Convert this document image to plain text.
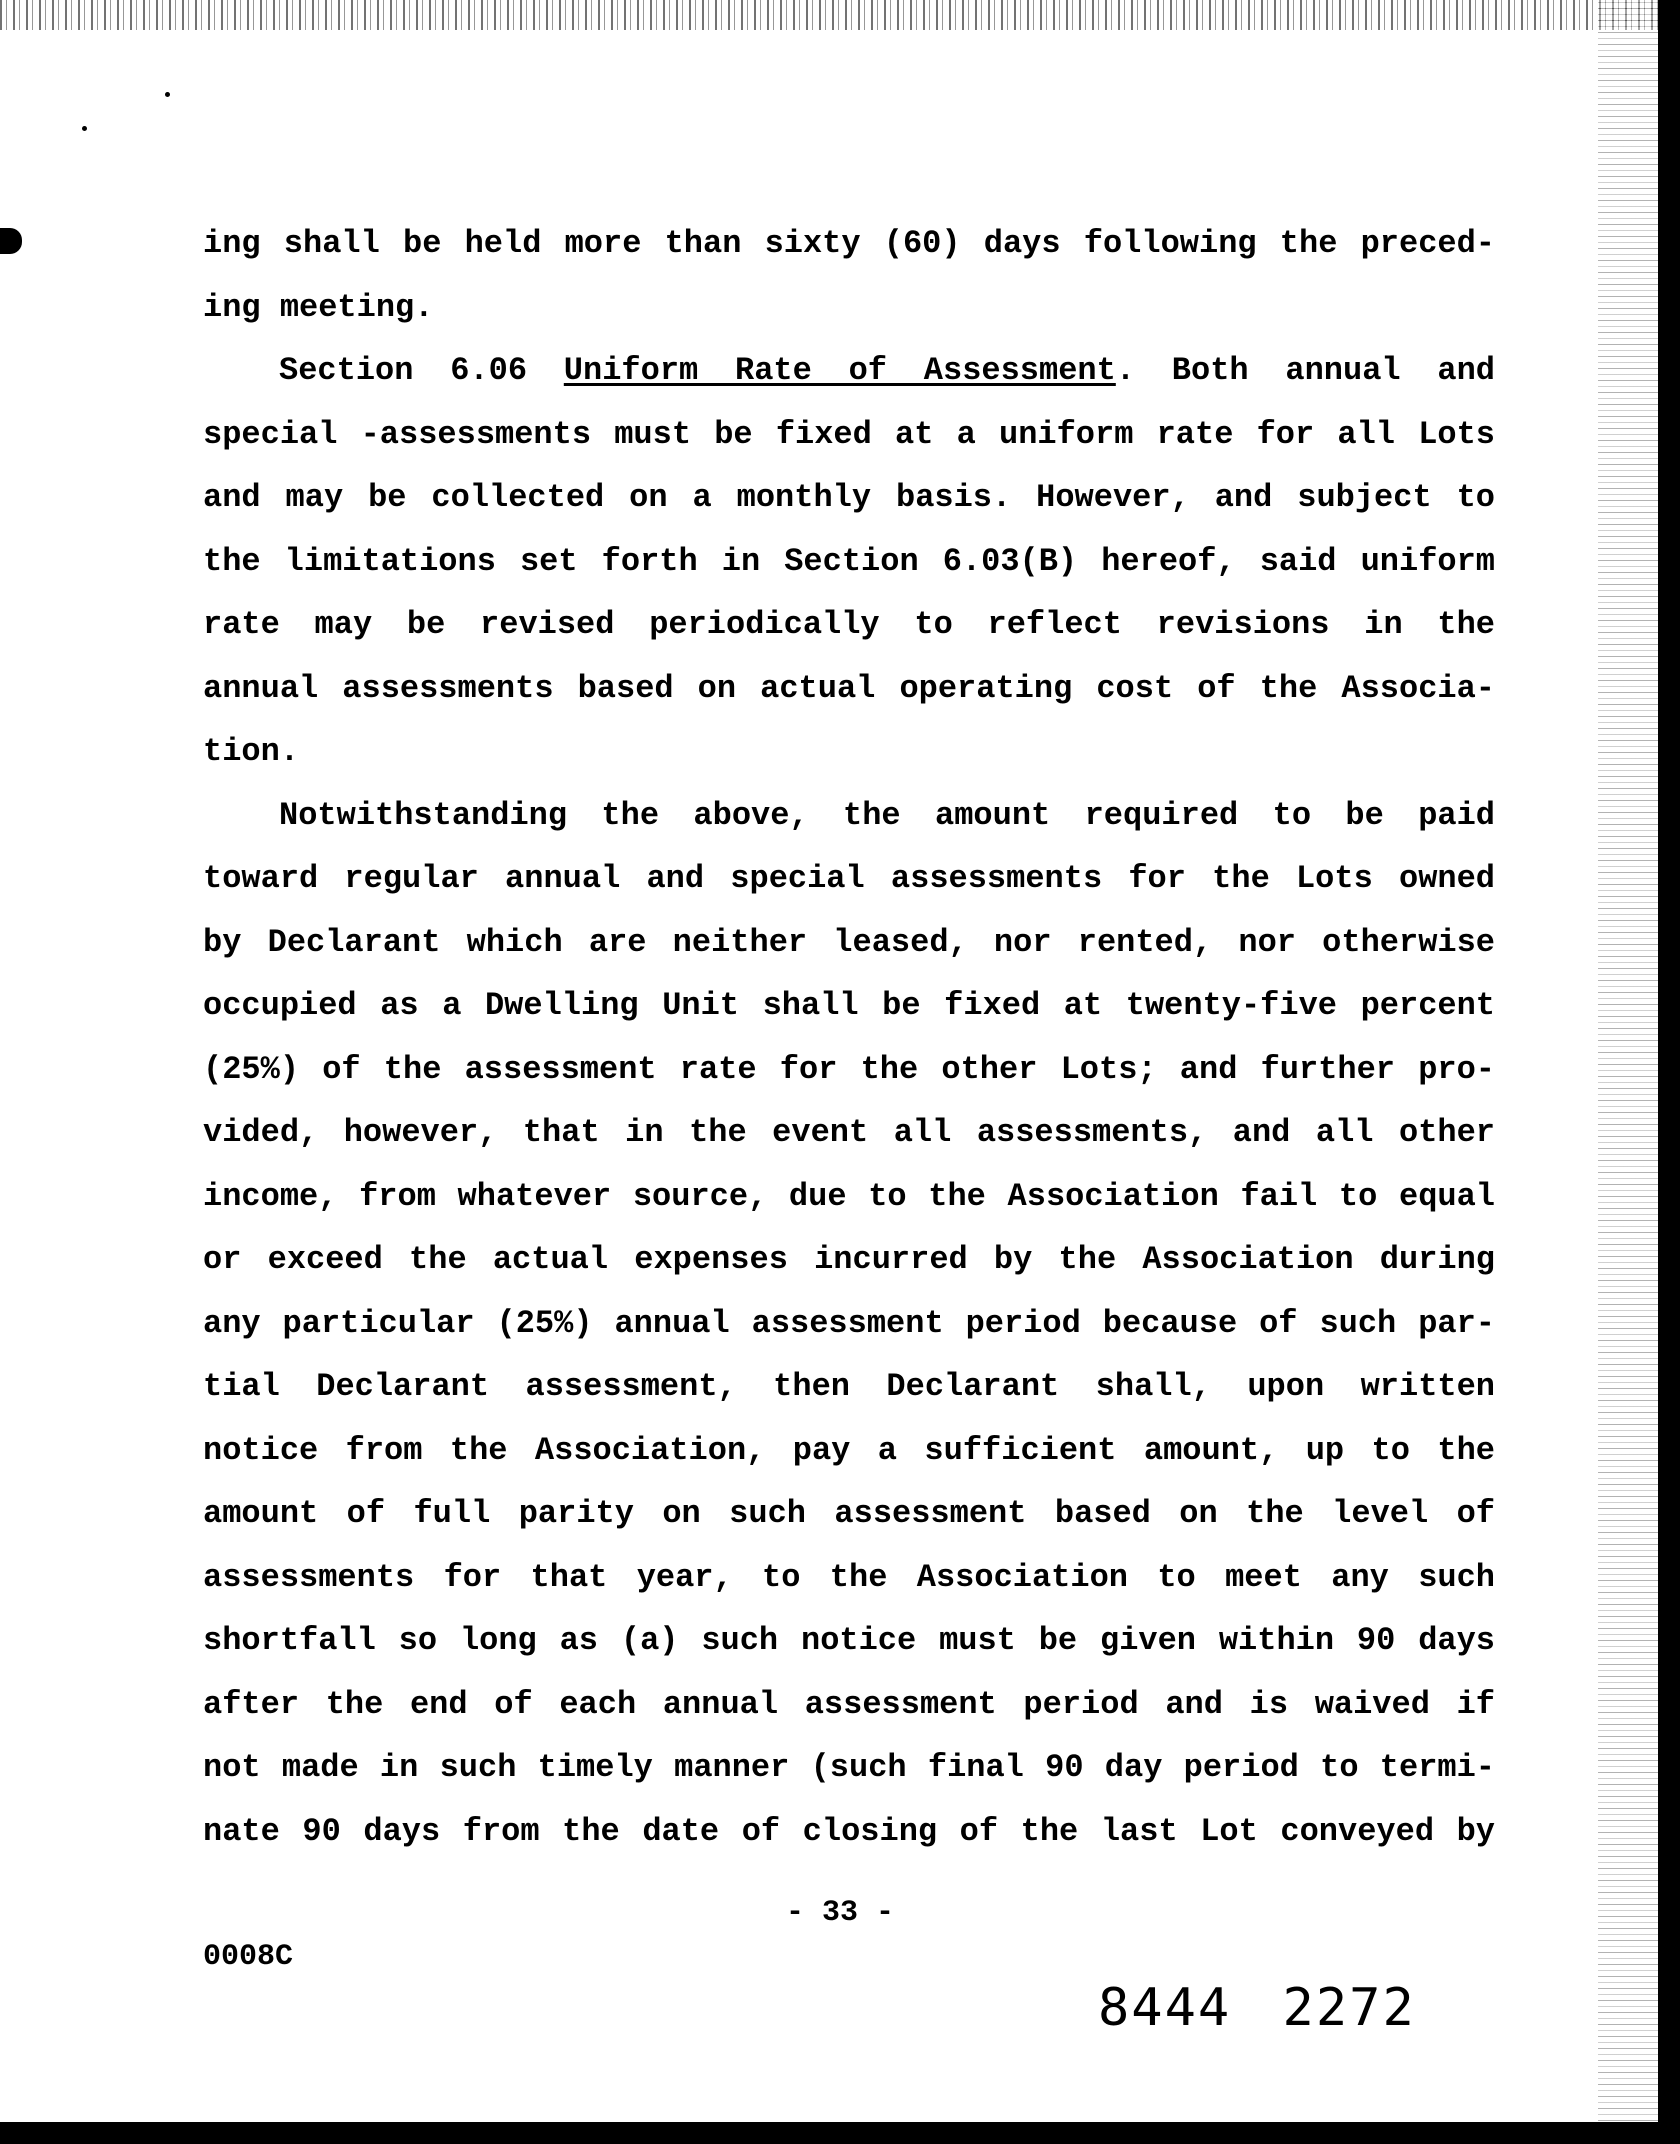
ing shall be held more than sixty (60) days following the preced-
ing meeting.
Section 6.06 Uniform Rate of Assessment. Both annual and
special -assessments must be fixed at a uniform rate for all Lots
and may be collected on a monthly basis. However, and subject to
the limitations set forth in Section 6.03(B) hereof, said uniform
rate may be revised periodically to reflect revisions in the
annual assessments based on actual operating cost of the Associa-
tion.
Notwithstanding the above, the amount required to be paid
toward regular annual and special assessments for the Lots owned
by Declarant which are neither leased, nor rented, nor otherwise
occupied as a Dwelling Unit shall be fixed at twenty-five percent
(25%) of the assessment rate for the other Lots; and further pro-
vided, however, that in the event all assessments, and all other
income, from whatever source, due to the Association fail to equal
or exceed the actual expenses incurred by the Association during
any particular (25%) annual assessment period because of such par-
tial Declarant assessment, then Declarant shall, upon written
notice from the Association, pay a sufficient amount, up to the
amount of full parity on such assessment based on the level of
assessments for that year, to the Association to meet any such
shortfall so long as (a) such notice must be given within 90 days
after the end of each annual assessment period and is waived if
not made in such timely manner (such final 90 day period to termi-
nate 90 days from the date of closing of the last Lot conveyed by
- 33 -
0008C
8444 2272
